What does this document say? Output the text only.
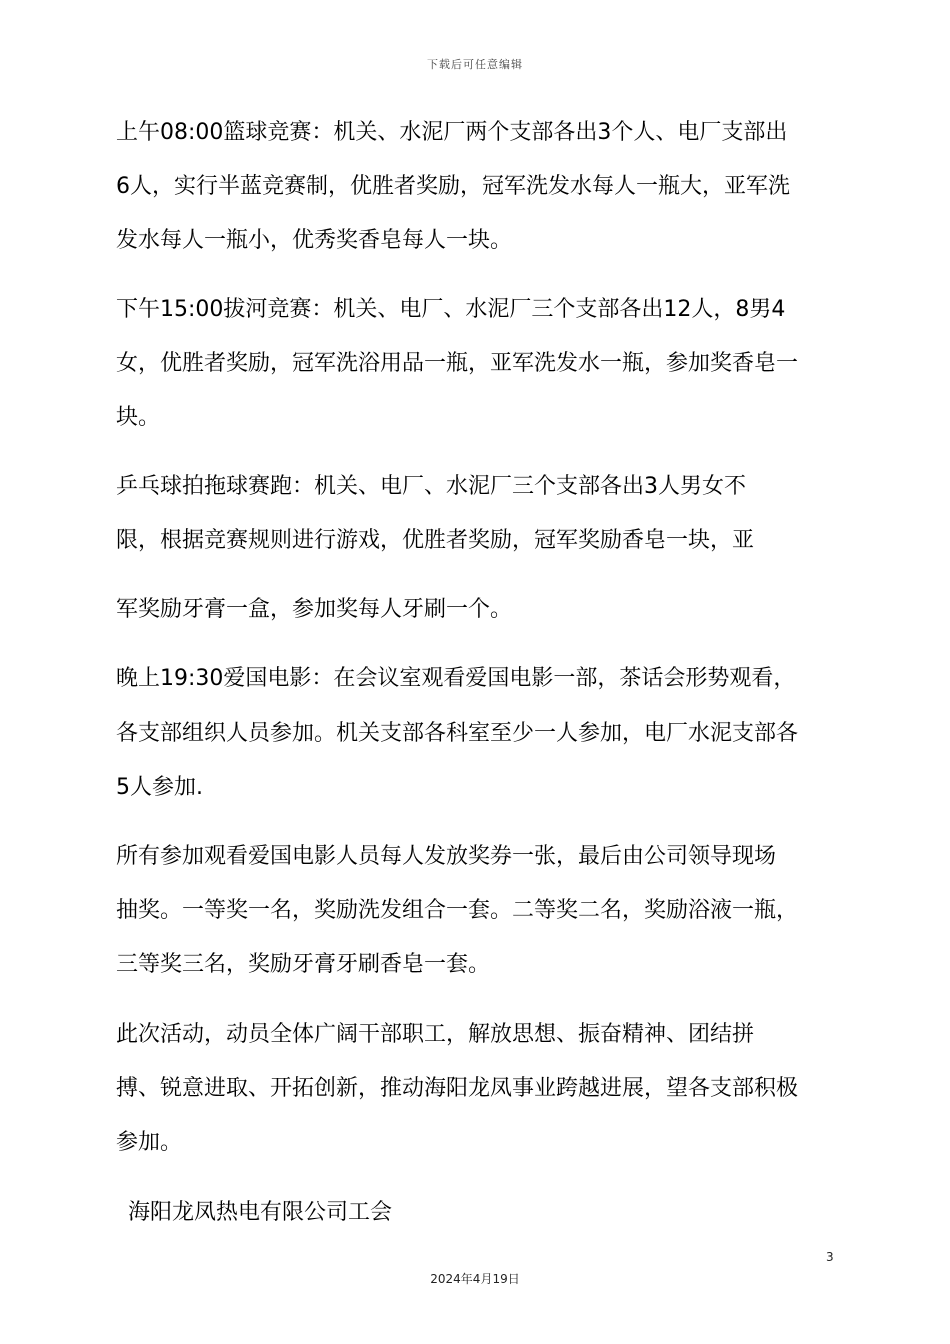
下载后可任意编辑
上午08:00篮球竞赛：机关、水泥厂两个支部各出3个人、电厂支部出
6人，实行半蓝竞赛制，优胜者奖励，冠军洗发水每人一瓶大，亚军洗
发水每人一瓶小，优秀奖香皂每人一块。
下午15:00拔河竞赛：机关、电厂、水泥厂三个支部各出12人，8男4
女，优胜者奖励，冠军洗浴用品一瓶，亚军洗发水一瓶，参加奖香皂一
块。
乒乓球拍拖球赛跑：机关、电厂、水泥厂三个支部各出3人男女不
限，根据竞赛规则进行游戏，优胜者奖励，冠军奖励香皂一块，亚
军奖励牙膏一盒，参加奖每人牙刷一个。
晚上19:30爱国电影：在会议室观看爱国电影一部，茶话会形势观看，
各支部组织人员参加。机关支部各科室至少一人参加，电厂水泥支部各
5人参加.
所有参加观看爱国电影人员每人发放奖券一张，最后由公司领导现场
抽奖。一等奖一名，奖励洗发组合一套。二等奖二名，奖励浴液一瓶，
三等奖三名，奖励牙膏牙刷香皂一套。
此次活动，动员全体广阔干部职工，解放思想、振奋精神、团结拼
搏、锐意进取、开拓创新，推动海阳龙凤事业跨越进展，望各支部积极
参加。
海阳龙凤热电有限公司工会
3
2024年4月19日
